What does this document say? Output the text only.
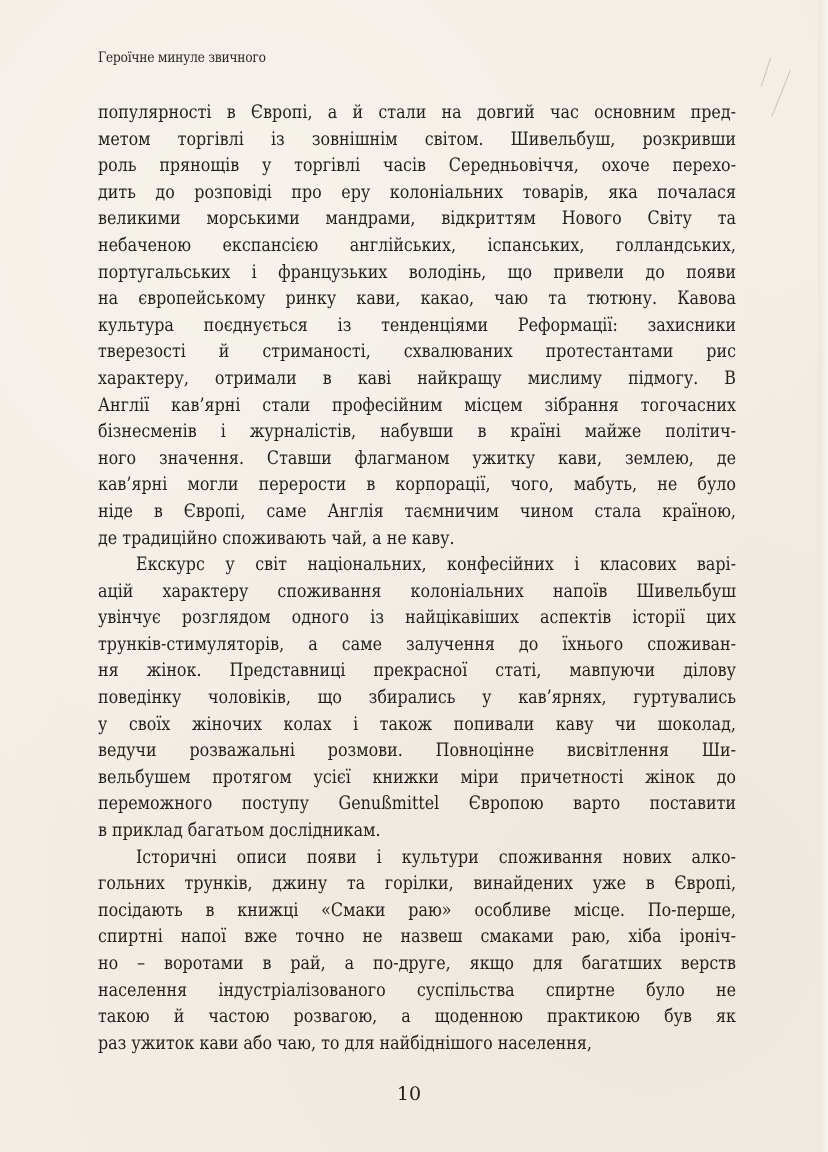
Героїчне минуле звичного
популярності в Європі, а й стали на довгий час основним пред-
метом торгівлі із зовнішнім світом. Шивельбуш, розкривши
роль прянощів у торгівлі часів Середньовіччя, охоче перехо-
дить до розповіді про еру колоніальних товарів, яка почалася
великими морськими мандрами, відкриттям Нового Світу та
небаченою експансією англійських, іспанських, голландських,
португальських і французьких володінь, що привели до появи
на європейському ринку кави, какао, чаю та тютюну. Кавова
культура поєднується із тенденціями Реформації: захисники
тверезості й стриманості, схвалюваних протестантами рис
характеру, отримали в каві найкращу мислиму підмогу. В
Англії кав’ярні стали професійним місцем зібрання тогочасних
бізнесменів і журналістів, набувши в країні майже політич-
ного значення. Ставши флагманом ужитку кави, землею, де
кав’ярні могли перерости в корпорації, чого, мабуть, не було
ніде в Європі, саме Англія таємничим чином стала країною,
де традиційно споживають чай, а не каву.
Екскурс у світ національних, конфесійних і класових варі-
ацій характеру споживання колоніальних напоїв Шивельбуш
увінчує розглядом одного із найцікавіших аспектів історії цих
трунків-стимуляторів, а саме залучення до їхнього споживан-
ня жінок. Представниці прекрасної статі, мавпуючи ділову
поведінку чоловіків, що збирались у кав’ярнях, гуртувались
у своїх жіночих колах і також попивали каву чи шоколад,
ведучи розважальні розмови. Повноцінне висвітлення Ши-
вельбушем протягом усієї книжки міри причетності жінок до
переможного поступу Genußmittel Європою варто поставити
в приклад багатьом дослідникам.
Історичні описи появи і культури споживання нових алко-
гольних трунків, джину та горілки, винайдених уже в Європі,
посідають в книжці «Смаки раю» особливе місце. По-перше,
спиртні напої вже точно не назвеш смаками раю, хіба іроніч-
но – воротами в рай, а по-друге, якщо для багатших верств
населення індустріалізованого суспільства спиртне було не
такою й частою розвагою, а щоденною практикою був як
раз ужиток кави або чаю, то для найбіднішого населення,
10
